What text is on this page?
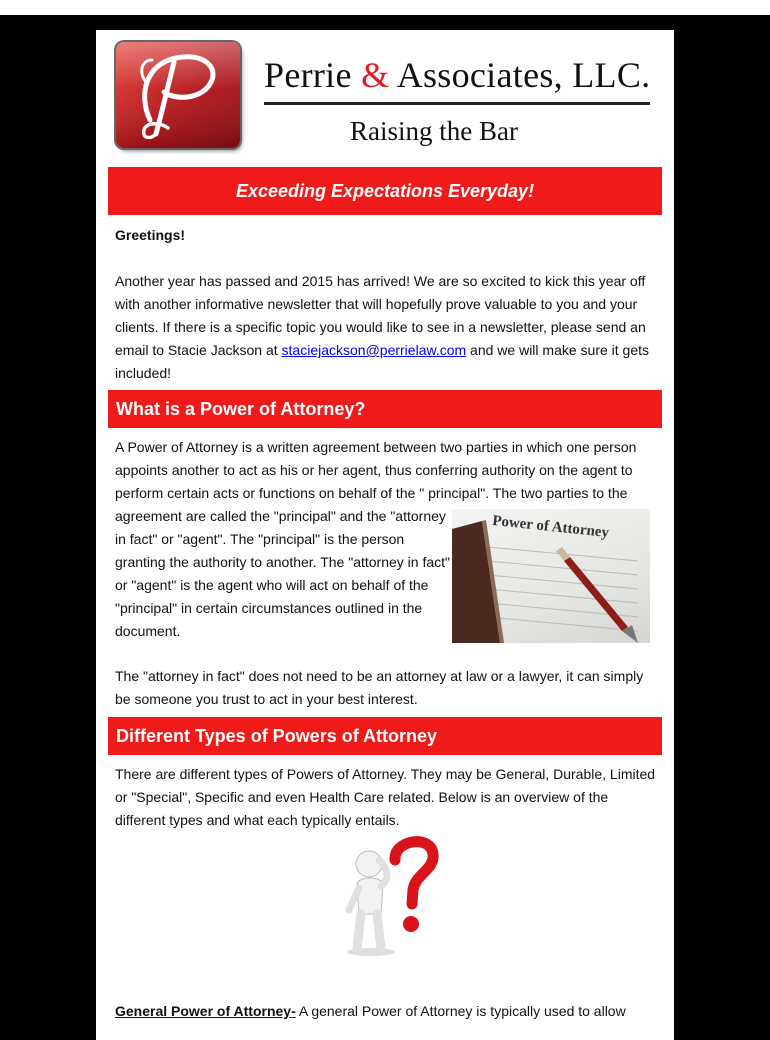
Perrie & Associates, LLC.
Raising the Bar
Exceeding Expectations Everyday!
Greetings!
Another year has passed and 2015 has arrived! We are so excited to kick this year off with another informative newsletter that will hopefully prove valuable to you and your clients. If there is a specific topic you would like to see in a newsletter, please send an email to Stacie Jackson at staciejackson@perrielaw.com and we will make sure it gets included!
What is a Power of Attorney?
A Power of Attorney is a written agreement between two parties in which one person appoints another to act as his or her agent, thus conferring authority on the agent to perform certain acts or functions on behalf of the " principal". The two parties to the
agreement are called the "principal" and the "attorney in fact" or "agent". The "principal" is the person granting the authority to another. The "attorney in fact" or "agent" is the agent who will act on behalf of the "principal" in certain circumstances outlined in the document.
Power of Attorney
The "attorney in fact" does not need to be an attorney at law or a lawyer, it can simply be someone you trust to act in your best interest.
Different Types of Powers of Attorney
There are different types of Powers of Attorney. They may be General, Durable, Limited or "Special", Specific and even Health Care related. Below is an overview of the different types and what each typically entails.
General Power of Attorney- A general Power of Attorney is typically used to allow
